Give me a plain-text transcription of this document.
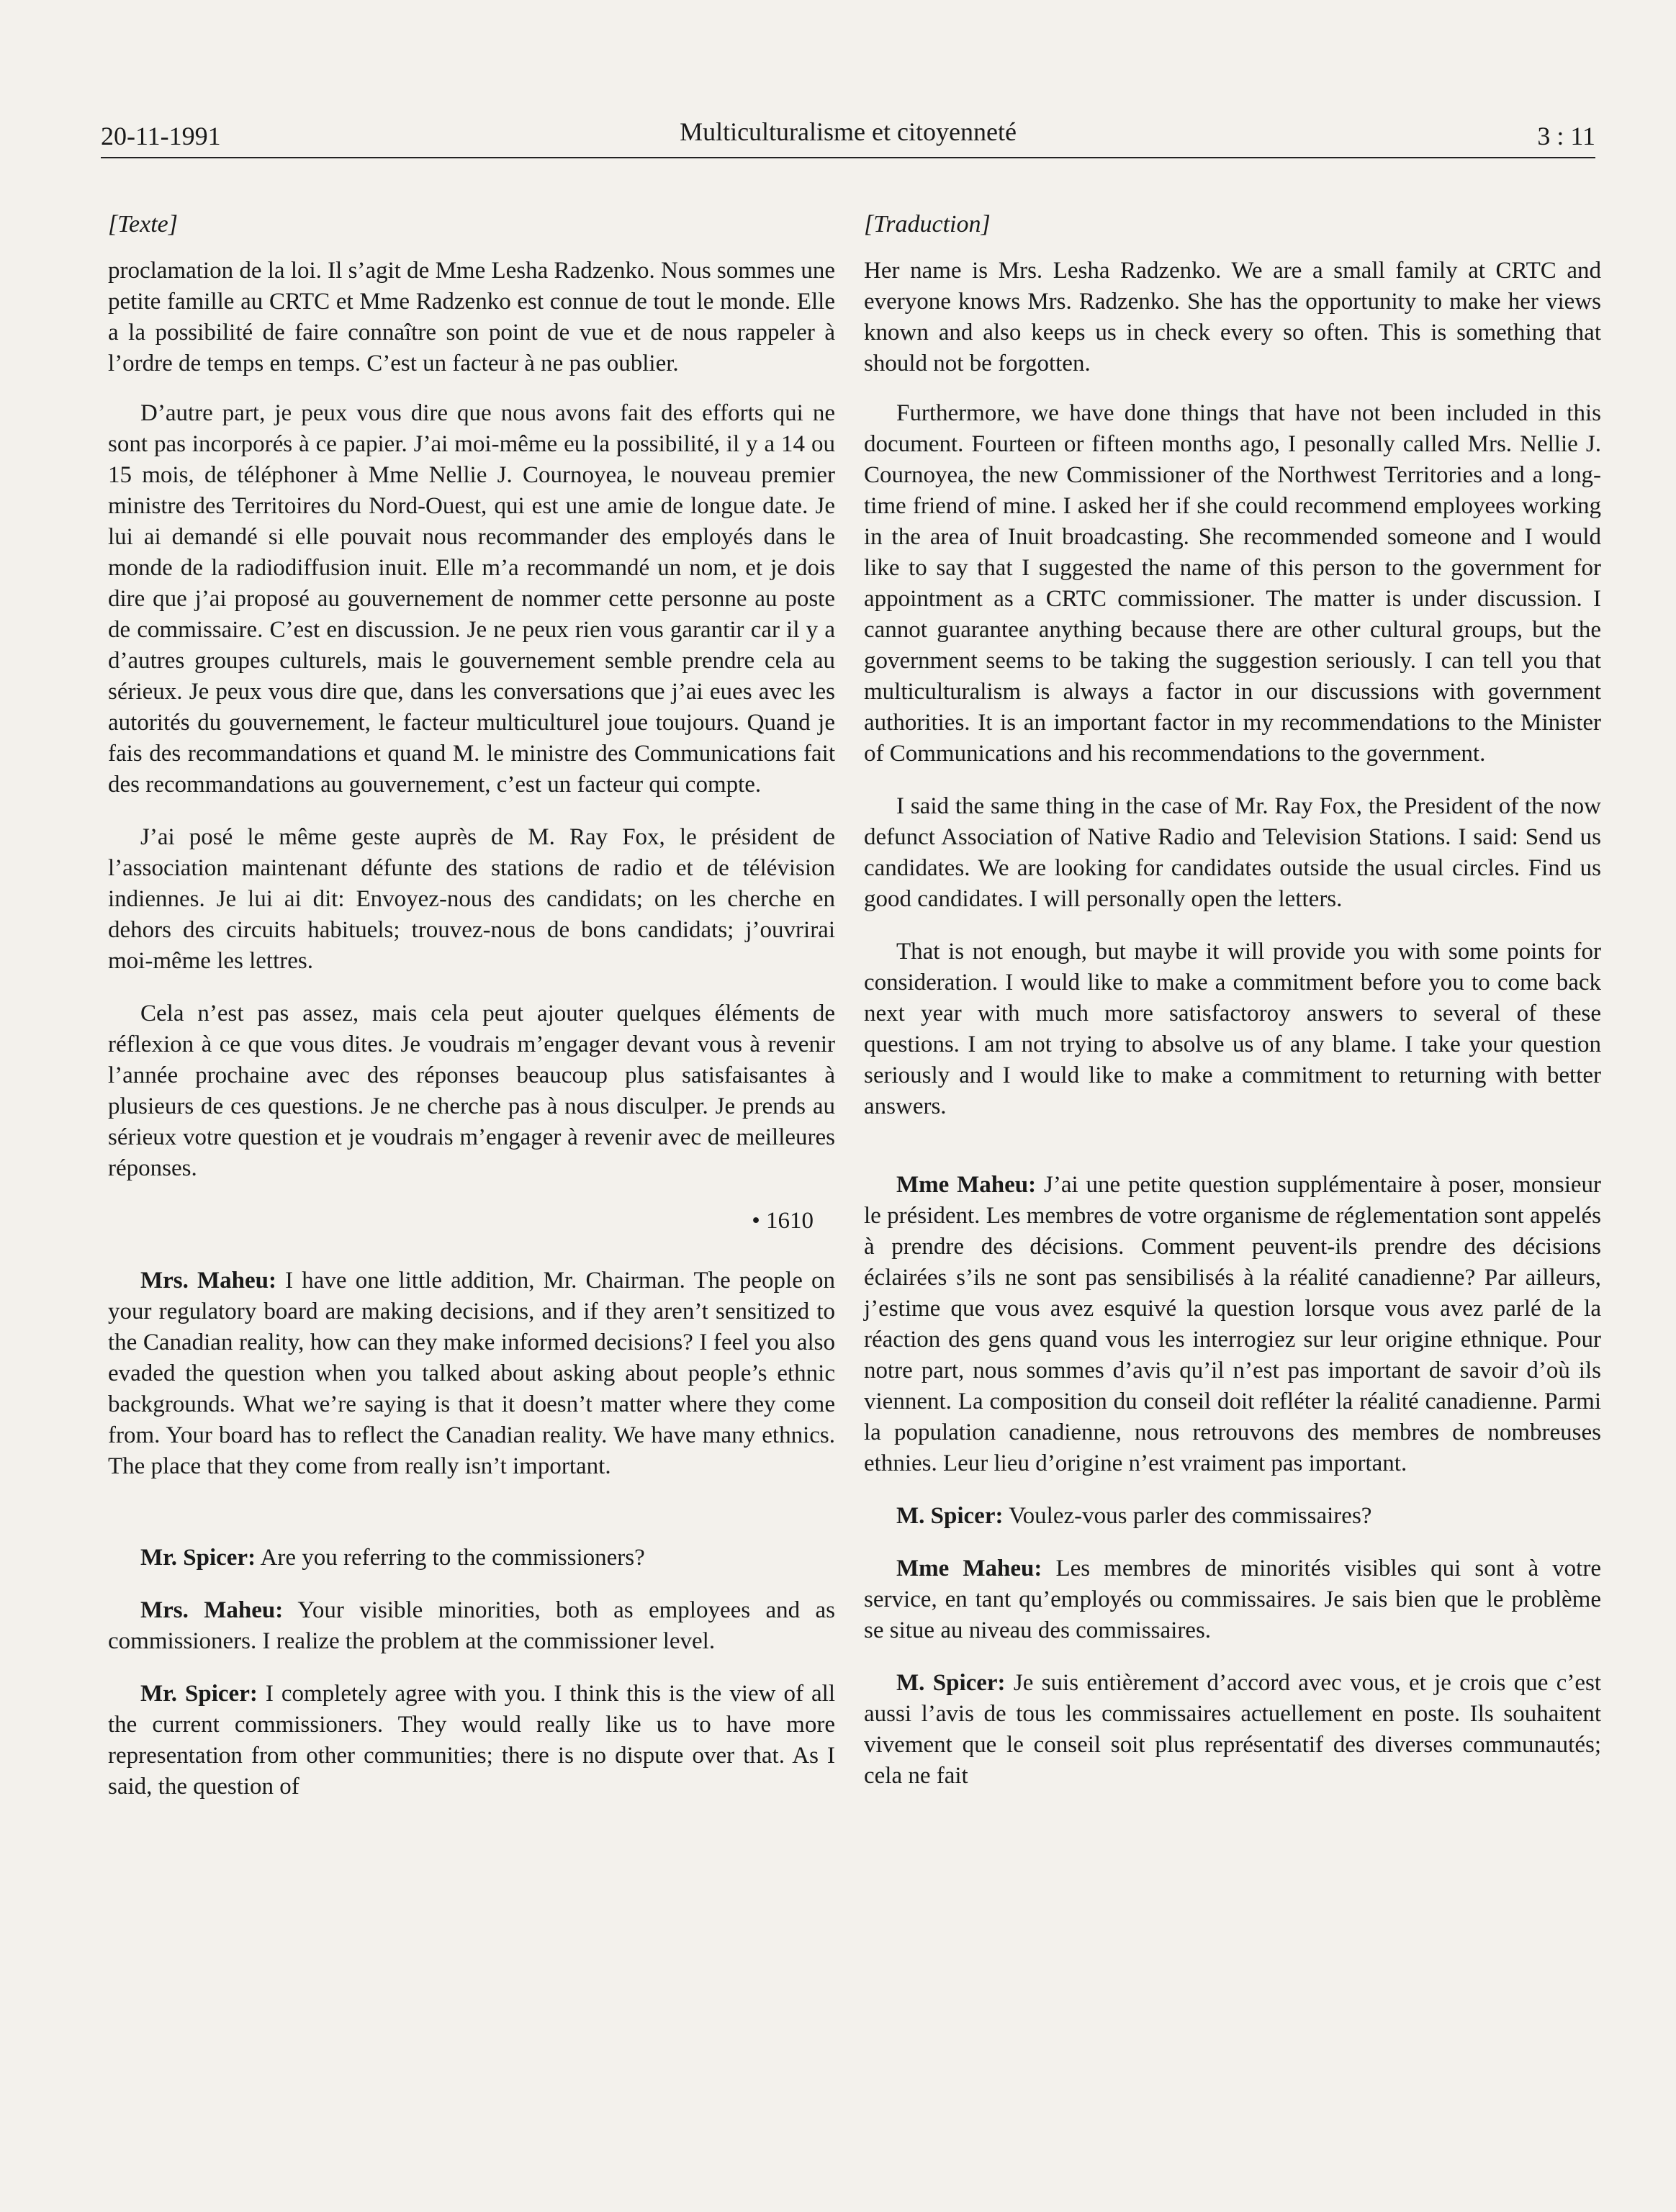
20-11-1991	Multiculturalisme et citoyenneté	3 : 11
[Texte]

proclamation de la loi. Il s’agit de Mme Lesha Radzenko. Nous sommes une petite famille au CRTC et Mme Radzenko est connue de tout le monde. Elle a la possibilité de faire connaître son point de vue et de nous rappeler à l’ordre de temps en temps. C’est un facteur à ne pas oublier.

D’autre part, je peux vous dire que nous avons fait des efforts qui ne sont pas incorporés à ce papier. J’ai moi-même eu la possibilité, il y a 14 ou 15 mois, de téléphoner à Mme Nellie J. Cournoyea, le nouveau premier ministre des Territoires du Nord-Ouest, qui est une amie de longue date. Je lui ai demandé si elle pouvait nous recommander des employés dans le monde de la radiodiffusion inuit. Elle m’a recommandé un nom, et je dois dire que j’ai proposé au gouvernement de nommer cette personne au poste de commissaire. C’est en discussion. Je ne peux rien vous garantir car il y a d’autres groupes culturels, mais le gouvernement semble prendre cela au sérieux. Je peux vous dire que, dans les conversations que j’ai eues avec les autorités du gouvernement, le facteur multiculturel joue toujours. Quand je fais des recommandations et quand M. le ministre des Communications fait des recommandations au gouvernement, c’est un facteur qui compte.

J’ai posé le même geste auprès de M. Ray Fox, le président de l’association maintenant défunte des stations de radio et de télévision indiennes. Je lui ai dit: Envoyez-nous des candidats; on les cherche en dehors des circuits habituels; trouvez-nous de bons candidats; j’ouvrirai moi-même les lettres.

Cela n’est pas assez, mais cela peut ajouter quelques éléments de réflexion à ce que vous dites. Je voudrais m’engager devant vous à revenir l’année prochaine avec des réponses beaucoup plus satisfaisantes à plusieurs de ces questions. Je ne cherche pas à nous disculper. Je prends au sérieux votre question et je voudrais m’engager à revenir avec de meilleures réponses.

• 1610

Mrs. Maheu: I have one little addition, Mr. Chairman. The people on your regulatory board are making decisions, and if they aren’t sensitized to the Canadian reality, how can they make informed decisions? I feel you also evaded the question when you talked about asking about people’s ethnic backgrounds. What we’re saying is that it doesn’t matter where they come from. Your board has to reflect the Canadian reality. We have many ethnics. The place that they come from really isn’t important.

Mr. Spicer: Are you referring to the commissioners?

Mrs. Maheu: Your visible minorities, both as employees and as commissioners. I realize the problem at the commissioner level.

Mr. Spicer: I completely agree with you. I think this is the view of all the current commissioners. They would really like us to have more representation from other communities; there is no dispute over that. As I said, the question of

[Traduction]

Her name is Mrs. Lesha Radzenko. We are a small family at CRTC and everyone knows Mrs. Radzenko. She has the opportunity to make her views known and also keeps us in check every so often. This is something that should not be forgotten.

Furthermore, we have done things that have not been included in this document. Fourteen or fifteen months ago, I pesonally called Mrs. Nellie J. Cournoyea, the new Commissioner of the Northwest Territories and a long-time friend of mine. I asked her if she could recommend employees working in the area of Inuit broadcasting. She recommended someone and I would like to say that I suggested the name of this person to the government for appointment as a CRTC commissioner. The matter is under discussion. I cannot guarantee anything because there are other cultural groups, but the government seems to be taking the suggestion seriously. I can tell you that multiculturalism is always a factor in our discussions with government authorities. It is an important factor in my recommendations to the Minister of Communications and his recommendations to the government.

I said the same thing in the case of Mr. Ray Fox, the President of the now defunct Association of Native Radio and Television Stations. I said: Send us candidates. We are looking for candidates outside the usual circles. Find us good candidates. I will personally open the letters.

That is not enough, but maybe it will provide you with some points for consideration. I would like to make a commitment before you to come back next year with much more satisfactoroy answers to several of these questions. I am not trying to absolve us of any blame. I take your question seriously and I would like to make a commitment to returning with better answers.

Mme Maheu: J’ai une petite question supplémentaire à poser, monsieur le président. Les membres de votre organisme de réglementation sont appelés à prendre des décisions. Comment peuvent-ils prendre des décisions éclairées s’ils ne sont pas sensibilisés à la réalité canadienne? Par ailleurs, j’estime que vous avez esquivé la question lorsque vous avez parlé de la réaction des gens quand vous les interrogiez sur leur origine ethnique. Pour notre part, nous sommes d’avis qu’il n’est pas important de savoir d’où ils viennent. La composition du conseil doit refléter la réalité canadienne. Parmi la population canadienne, nous retrouvons des membres de nombreuses ethnies. Leur lieu d’origine n’est vraiment pas important.

M. Spicer: Voulez-vous parler des commissaires?

Mme Maheu: Les membres de minorités visibles qui sont à votre service, en tant qu’employés ou commissaires. Je sais bien que le problème se situe au niveau des commissaires.

M. Spicer: Je suis entièrement d’accord avec vous, et je crois que c’est aussi l’avis de tous les commissaires actuellement en poste. Ils souhaitent vivement que le conseil soit plus représentatif des diverses communautés; cela ne fait
